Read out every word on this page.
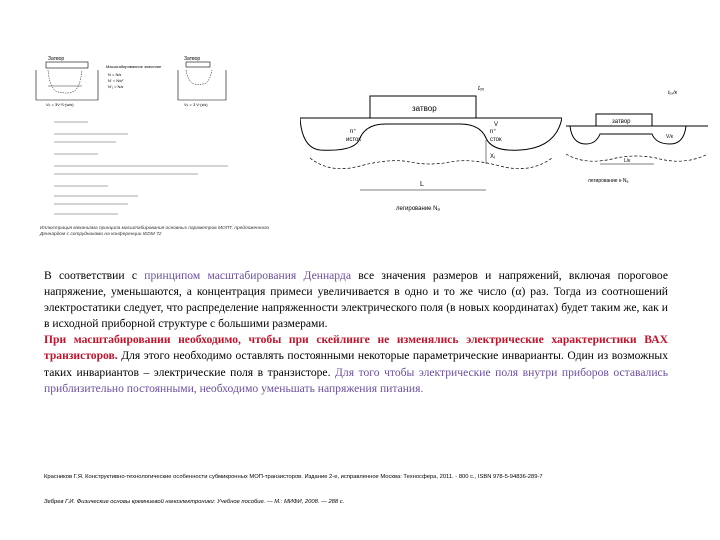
Затвор
Vₚ = 3V·S·(w/к)
Масштабированное значение
N = N/к
N' = N/к²
N'₁ = N/к
Затвор
Vₚ = 3 V·(к/к)
Иллюстрация механизма принципа масштабирования основных параметров МОПТ, предложенного Деннардом с сотрудниками на конференции IEDM 72
затвор
tₒₓ
n⁺
исток
n⁺
сток
V
Xⱼ
L
легирование Nₐ
затвор
tₒₓ/к
V/к
L/к
легирование к·Nₐ
В соответствии с принципом масштабирования Деннарда все значения размеров и напряжений, включая пороговое напряжение, уменьшаются, а концентрация примеси увеличивается в одно и то же число (α) раз. Тогда из соотношений электростатики следует, что распределение напряженности электрического поля (в новых координатах) будет таким же, как и в исходной приборной структуре с большими размерами.
При масштабировании необходимо, чтобы при скейлинге не изменялись электрические характеристики ВАХ транзисторов. Для этого необходимо оставлять постоянными некоторые параметрические инварианты. Один из возможных таких инвариантов – электрические поля в транзисторе. Для того чтобы электрические поля внутри приборов оставались приблизительно постоянными, необходимо уменьшать напряжения питания.

Красников Г.Я. Конструктивно-технологические особенности субмикронных МОП-транзисторов. Издание 2-е, исправленное Москва: Техносфера, 2011. - 800 с., ISBN 978-5-94836-289-7

Зебрев Г.И. Физические основы кремниевой наноэлектроники: Учебное пособие. — М.: МИФИ, 2008. — 288 с.
